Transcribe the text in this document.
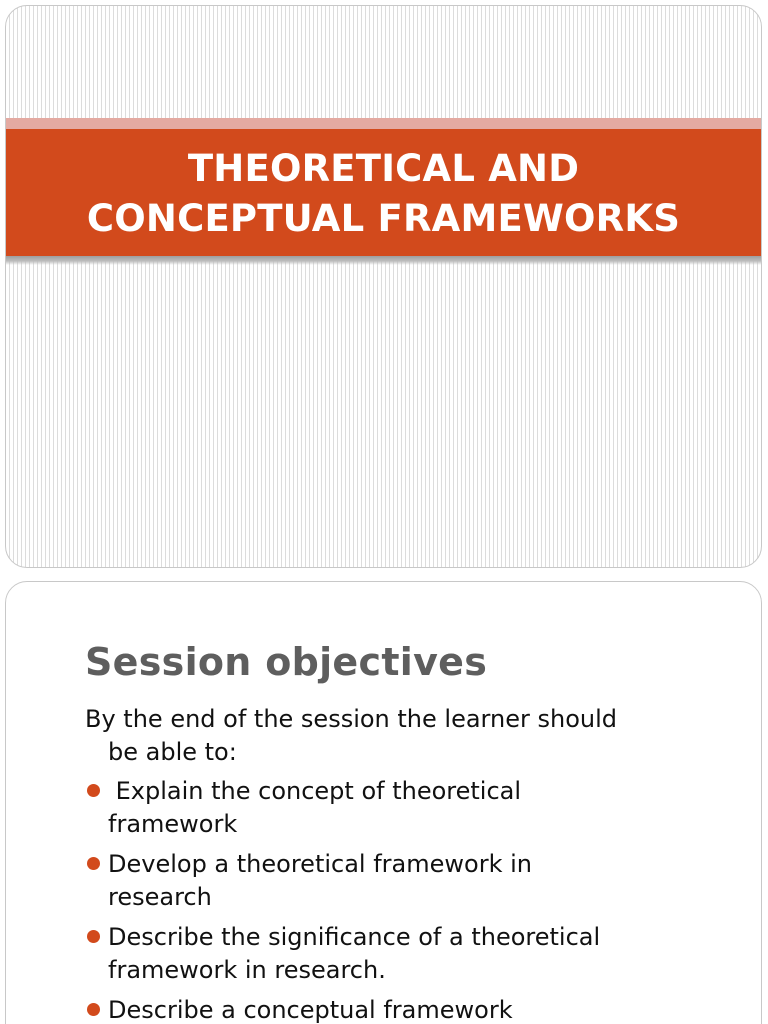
THEORETICAL AND
CONCEPTUAL FRAMEWORKS
Session objectives

By the end of the session the learner should
be able to:

Explain the concept of theoretical
framework
Develop a theoretical framework in
research
Describe the significance of a theoretical
framework in research.
Describe a conceptual framework
